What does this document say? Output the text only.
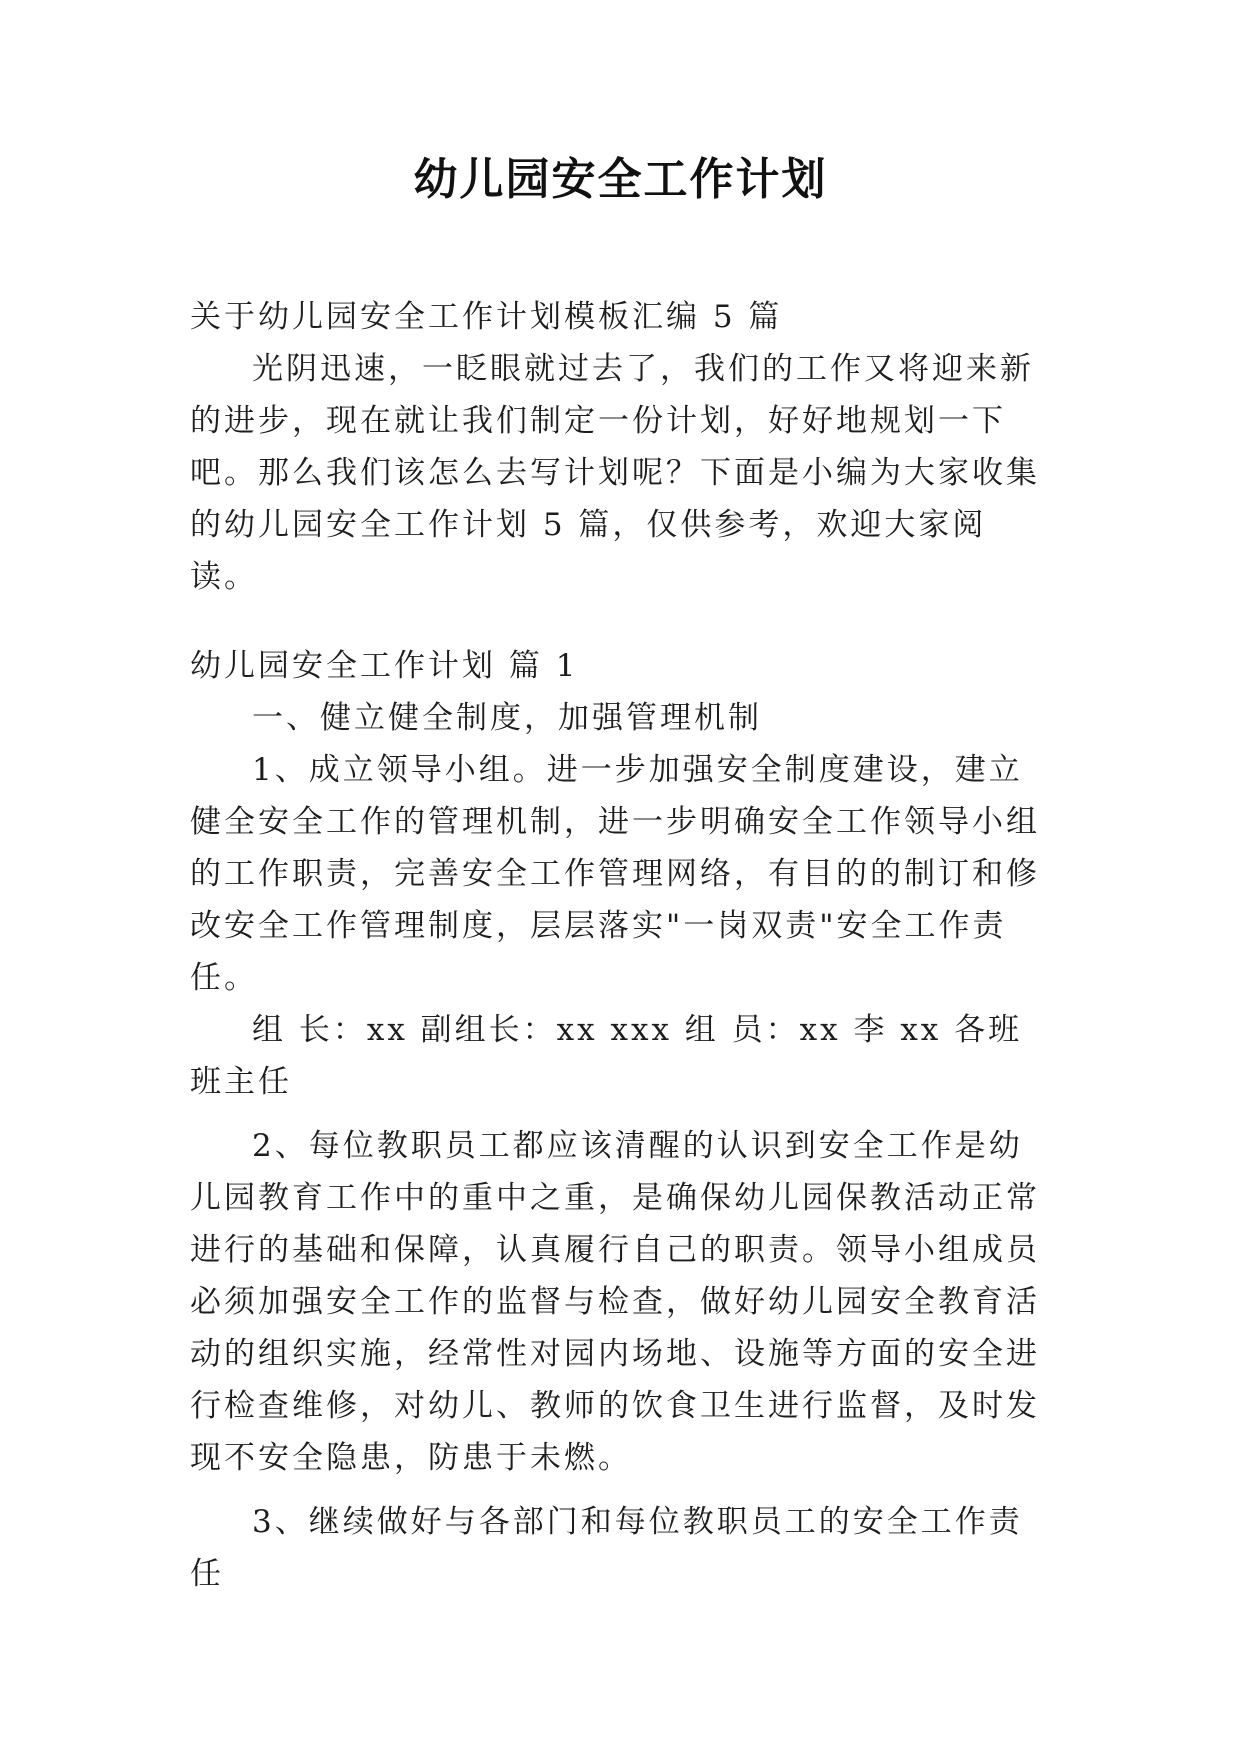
幼儿园安全工作计划

关于幼儿园安全工作计划模板汇编 5 篇

光阴迅速，一眨眼就过去了，我们的工作又将迎来新的进步，现在就让我们制定一份计划，好好地规划一下吧。那么我们该怎么去写计划呢？下面是小编为大家收集的幼儿园安全工作计划 5 篇，仅供参考，欢迎大家阅读。

幼儿园安全工作计划 篇 1

一、健立健全制度，加强管理机制

1、成立领导小组。进一步加强安全制度建设，建立健全安全工作的管理机制，进一步明确安全工作领导小组的工作职责，完善安全工作管理网络，有目的的制订和修改安全工作管理制度，层层落实"一岗双责"安全工作责任。

组 长：xx 副组长：xx xxx 组 员：xx 李 xx 各班班主任

2、每位教职员工都应该清醒的认识到安全工作是幼儿园教育工作中的重中之重，是确保幼儿园保教活动正常进行的基础和保障，认真履行自己的职责。领导小组成员必须加强安全工作的监督与检查，做好幼儿园安全教育活动的组织实施，经常性对园内场地、设施等方面的安全进行检查维修，对幼儿、教师的饮食卫生进行监督，及时发现不安全隐患，防患于未燃。

3、继续做好与各部门和每位教职员工的安全工作责任
